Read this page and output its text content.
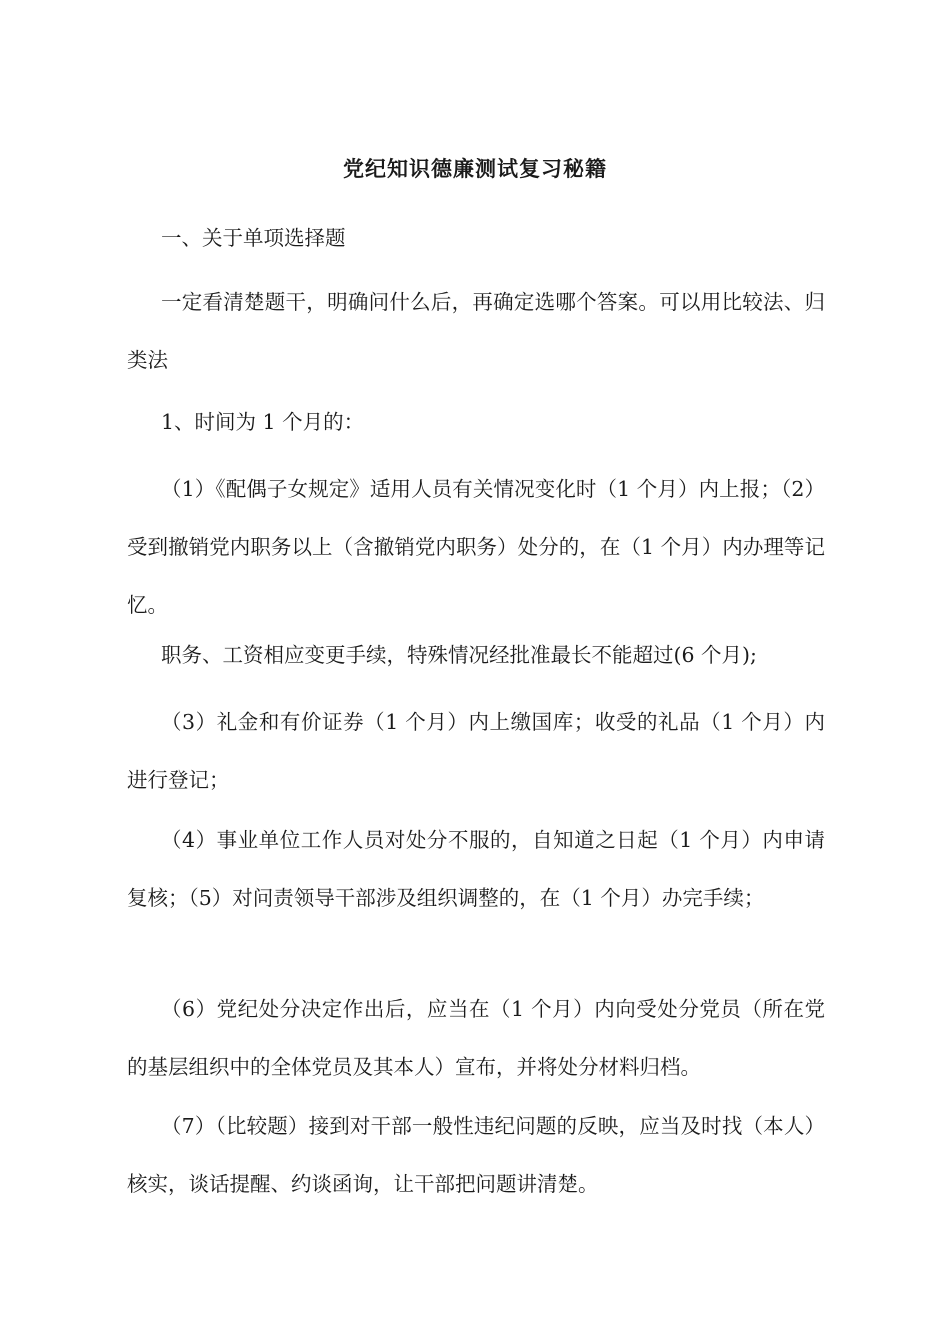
党纪知识德廉测试复习秘籍

一、关于单项选择题

一定看清楚题干，明确问什么后，再确定选哪个答案。可以用比较法、归类法

1、时间为 1 个月的：

（1）《配偶子女规定》适用人员有关情况变化时（1 个月）内上报；（2）受到撤销党内职务以上（含撤销党内职务）处分的，在（1 个月）内办理等记忆。

职务、工资相应变更手续，特殊情况经批准最长不能超过(6 个月);

（3）礼金和有价证券（1 个月）内上缴国库；收受的礼品（1 个月）内进行登记；

（4）事业单位工作人员对处分不服的，自知道之日起（1 个月）内申请复核；（5）对问责领导干部涉及组织调整的，在（1 个月）办完手续；

（6）党纪处分决定作出后，应当在（1 个月）内向受处分党员（所在党的基层组织中的全体党员及其本人）宣布，并将处分材料归档。

（7）（比较题）接到对干部一般性违纪问题的反映，应当及时找（本人）核实，谈话提醒、约谈函询，让干部把问题讲清楚。
